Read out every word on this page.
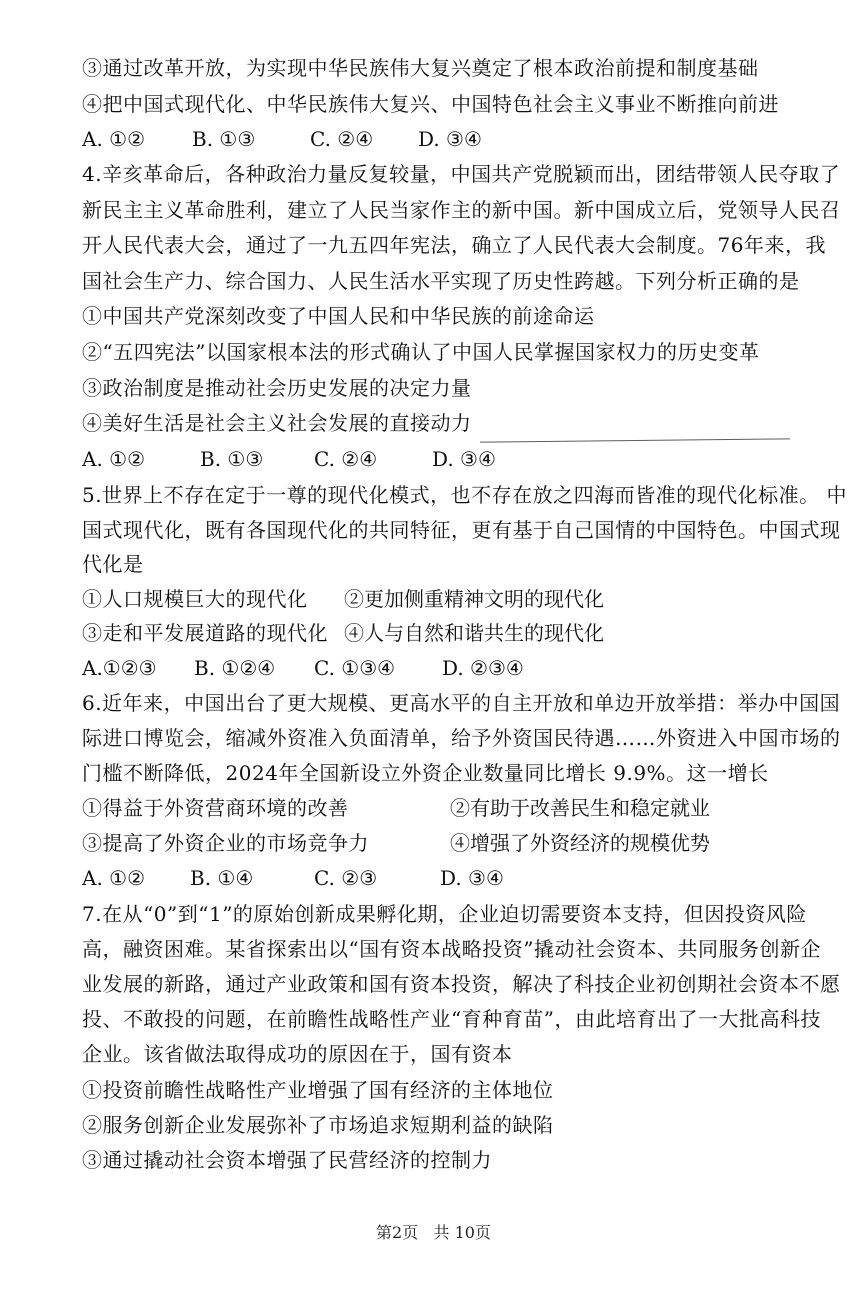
③通过改革开放，为实现中华民族伟大复兴奠定了根本政治前提和制度基础
④把中国式现代化、中华民族伟大复兴、中国特色社会主义事业不断推向前进
A. ①② B. ①③	C. ②④ D. ③④
4.辛亥革命后，各种政治力量反复较量，中国共产党脱颖而出，团结带领人民夺取了
新民主主义革命胜利，建立了人民当家作主的新中国。新中国成立后，党领导人民召
开人民代表大会，通过了一九五四年宪法，确立了人民代表大会制度。76年来，我
国社会生产力、综合国力、人民生活水平实现了历史性跨越。下列分析正确的是
①中国共产党深刻改变了中国人民和中华民族的前途命运
②“五四宪法”以国家根本法的形式确认了中国人民掌握国家权力的历史变革
③政治制度是推动社会历史发展的决定力量
④美好生活是社会主义社会发展的直接动力
A. ①②	B. ①③	C. ②④	D. ③④
5.世界上不存在定于一尊的现代化模式，也不存在放之四海而皆准的现代化标准。 中
国式现代化，既有各国现代化的共同特征，更有基于自己国情的中国特色。中国式现
代化是
①人口规模巨大的现代化 ②更加侧重精神文明的现代化
③走和平发展道路的现代化 ④人与自然和谐共生的现代化
A.①②③ B. ①②④ C. ①③④ D. ②③④
6.近年来，中国出台了更大规模、更高水平的自主开放和单边开放举措：举办中国国
际进口博览会，缩减外资准入负面清单，给予外资国民待遇……外资进入中国市场的
门槛不断降低，2024年全国新设立外资企业数量同比增长 9.9%。这一增长
①得益于外资营商环境的改善	②有助于改善民生和稳定就业
③提高了外资企业的市场竞争力	④增强了外资经济的规模优势
A. ①② B. ①④	C. ②③	D. ③④
7.在从“0”到“1”的原始创新成果孵化期，企业迫切需要资本支持，但因投资风险
高，融资困难。某省探索出以“国有资本战略投资”撬动社会资本、共同服务创新企
业发展的新路，通过产业政策和国有资本投资，解决了科技企业初创期社会资本不愿
投、不敢投的问题，在前瞻性战略性产业“育种育苗”，由此培育出了一大批高科技
企业。该省做法取得成功的原因在于，国有资本
①投资前瞻性战略性产业增强了国有经济的主体地位
②服务创新企业发展弥补了市场追求短期利益的缺陷
③通过撬动社会资本增强了民营经济的控制力
第2页 共 10页
